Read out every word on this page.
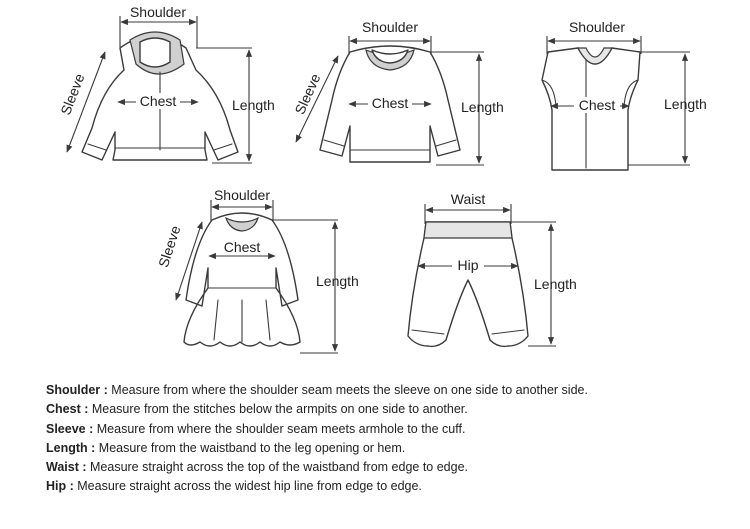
Shoulder
Chest
Sleeve	Length
Shoulder
Chest
Sleeve	Length
Shoulder
Chest	Length
Shoulder
Chest
Sleeve
Length
Waist
Hip
Length
Shoulder : Measure from where the shoulder seam meets the sleeve on one side to another side.
Chest : Measure from the stitches below the armpits on one side to another.
Sleeve : Measure from where the shoulder seam meets armhole to the cuff.
Length : Measure from the waistband to the leg opening or hem.
Waist : Measure straight across the top of the waistband from edge to edge.
Hip : Measure straight across the widest hip line from edge to edge.
